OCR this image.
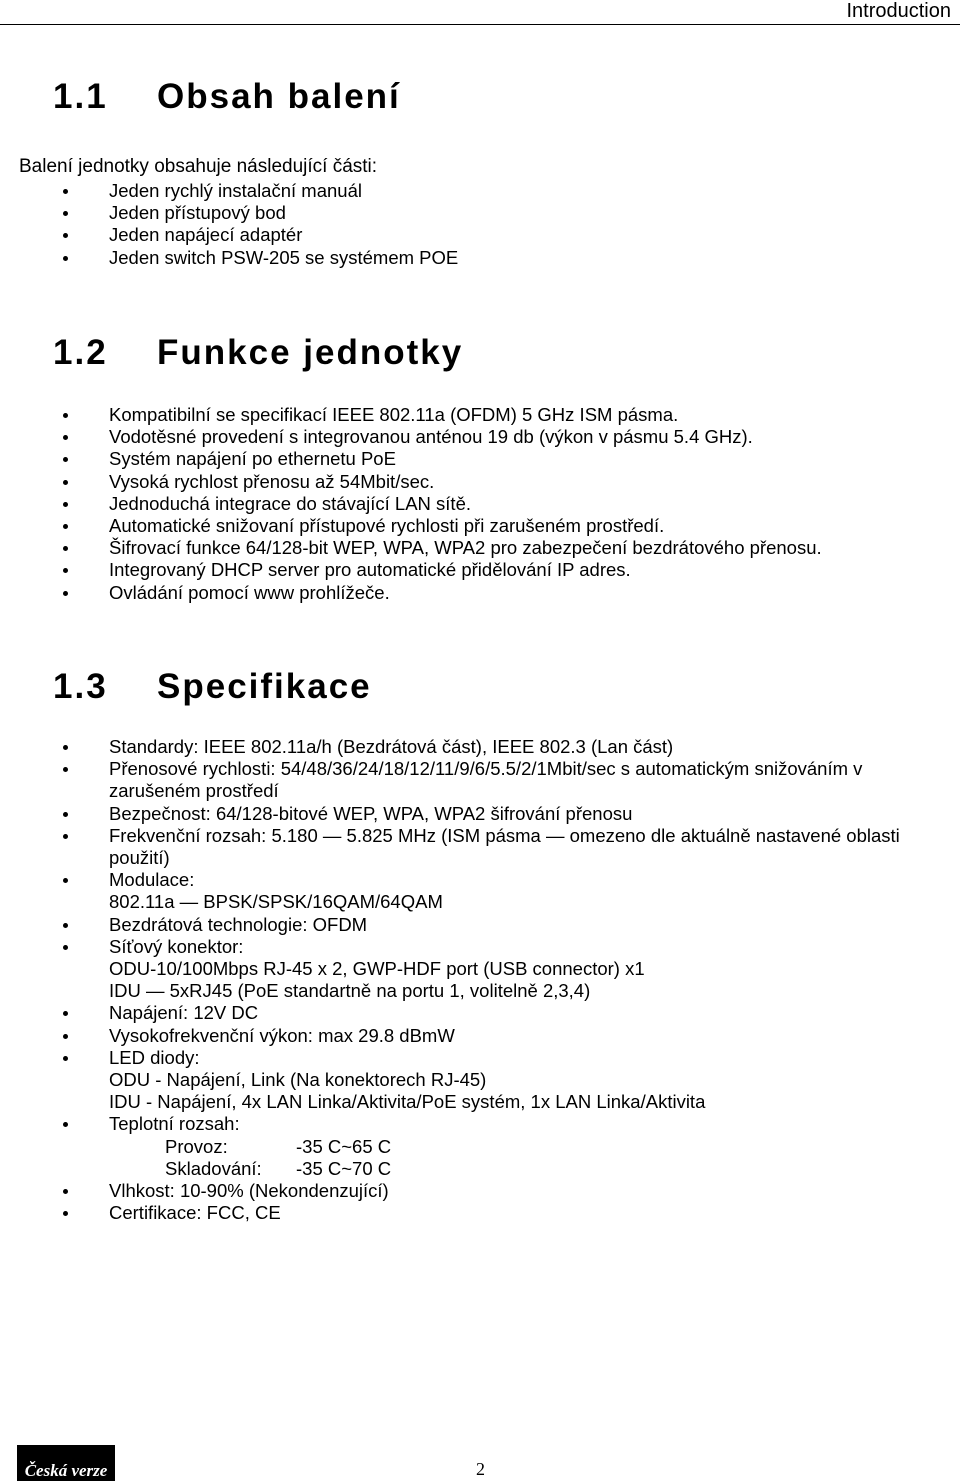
Introduction
1.1	Obsah balení
Balení jednotky obsahuje následující části:
Jeden rychlý instalační manuál
Jeden přístupový bod
Jeden napájecí adaptér
Jeden switch PSW-205 se systémem POE
1.2	Funkce jednotky
Kompatibilní se specifikací IEEE 802.11a (OFDM) 5 GHz ISM pásma.
Vodotěsné provedení s integrovanou anténou 19 db (výkon v pásmu 5.4 GHz).
Systém napájení po ethernetu PoE
Vysoká rychlost přenosu až 54Mbit/sec.
Jednoduchá integrace do stávající LAN sítě.
Automatické snižovaní přístupové rychlosti při zarušeném prostředí.
Šifrovací funkce 64/128-bit WEP, WPA, WPA2 pro zabezpečení bezdrátového přenosu.
Integrovaný DHCP server pro automatické přidělování IP adres.
Ovládání pomocí www prohlížeče.
1.3	Specifikace
Standardy: IEEE 802.11a/h (Bezdrátová část), IEEE 802.3 (Lan část)
Přenosové rychlosti: 54/48/36/24/18/12/11/9/6/5.5/2/1Mbit/sec s automatickým snižováním v
zarušeném prostředí
Bezpečnost: 64/128-bitové WEP, WPA, WPA2 šifrování přenosu
Frekvenční rozsah: 5.180 — 5.825 MHz (ISM pásma — omezeno dle aktuálně nastavené oblasti
použití)
Modulace:
802.11a — BPSK/SPSK/16QAM/64QAM
Bezdrátová technologie: OFDM
Síťový konektor:
ODU-10/100Mbps RJ-45 x 2, GWP-HDF port (USB connector) x1
IDU — 5xRJ45 (PoE standartně na portu 1, volitelně 2,3,4)
Napájení: 12V DC
Vysokofrekvenční výkon: max 29.8 dBmW
LED diody:
ODU - Napájení, Link (Na konektorech RJ-45)
IDU - Napájení, 4x LAN Linka/Aktivita/PoE systém, 1x LAN Linka/Aktivita
Teplotní rozsah:
Provoz:	-35 C~65 C
Skladování: -35 C~70 C
Vlhkost: 10-90% (Nekondenzující)
Certifikace: FCC, CE
Česká verze	2
